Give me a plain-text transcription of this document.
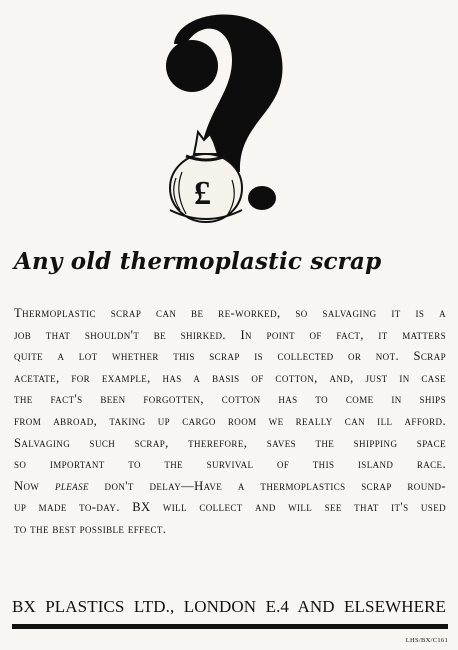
£
Any old thermoplastic scrap
Thermoplastic scrap can be re-worked, so salvaging it is a
job that shouldn't be shirked. In point of fact, it matters
quite a lot whether this scrap is collected or not. Scrap
acetate, for example, has a basis of cotton, and, just in case
the fact's been forgotten, cotton has to come in ships
from abroad, taking up cargo room we really can ill afford.
Salvaging such scrap, therefore, saves the shipping space
so important to the survival of this island race.
Now please don't delay—Have a thermoplastics scrap round-
up made to-day. BX will collect and will see that it's used
to the best possible effect.
BX PLASTICS LTD., LONDON E.4 AND ELSEWHERE
LHS/BX/C161
